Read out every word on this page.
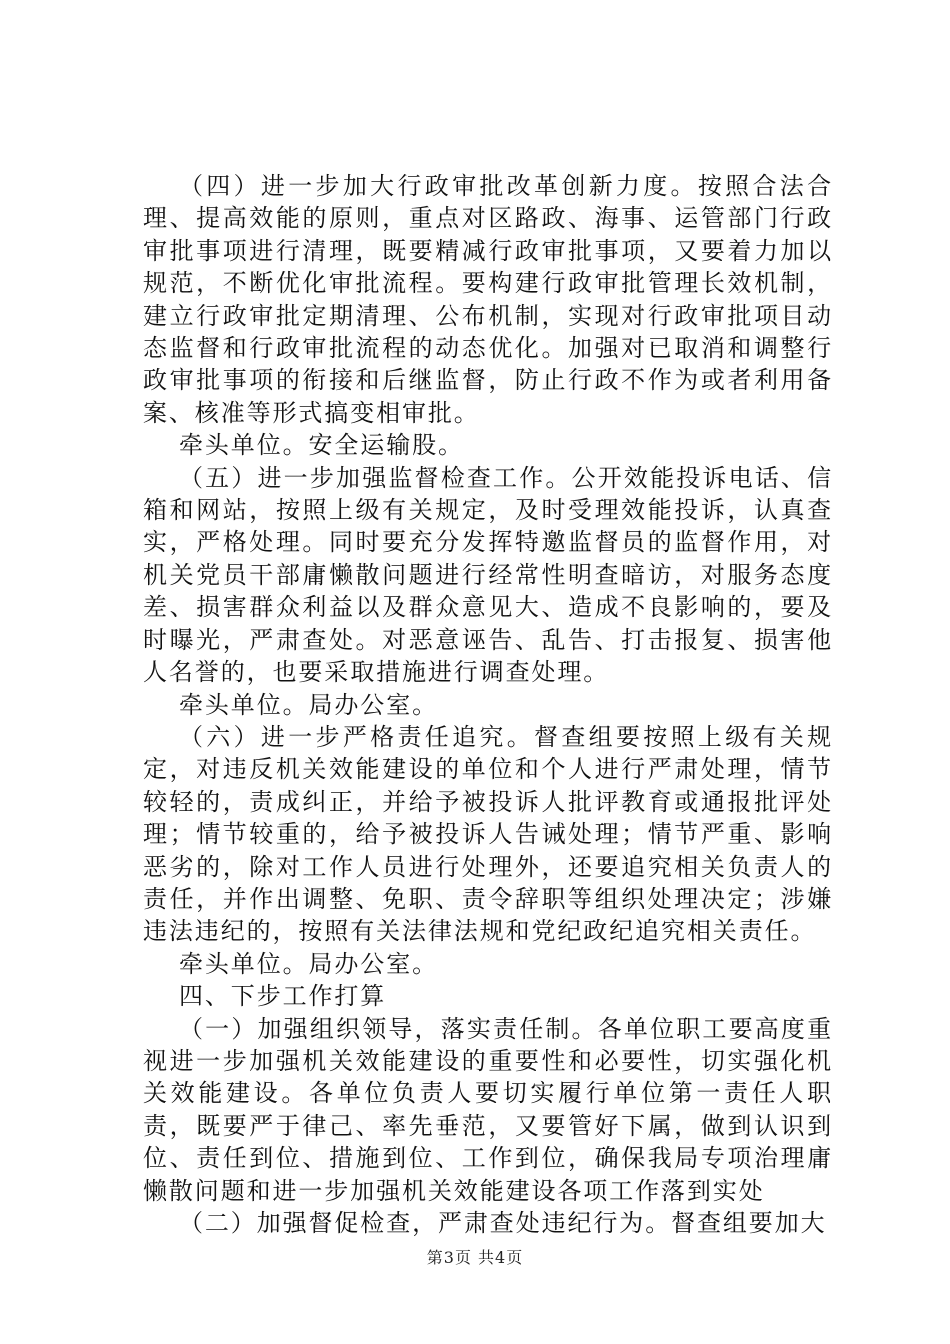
（四）进一步加大行政审批改革创新力度。按照合法合理、提高效能的原则，重点对区路政、海事、运管部门行政审批事项进行清理，既要精减行政审批事项，又要着力加以规范，不断优化审批流程。要构建行政审批管理长效机制，建立行政审批定期清理、公布机制，实现对行政审批项目动态监督和行政审批流程的动态优化。加强对已取消和调整行政审批事项的衔接和后继监督，防止行政不作为或者利用备案、核准等形式搞变相审批。

牵头单位。安全运输股。

（五）进一步加强监督检查工作。公开效能投诉电话、信箱和网站，按照上级有关规定，及时受理效能投诉，认真查实，严格处理。同时要充分发挥特邀监督员的监督作用，对机关党员干部庸懒散问题进行经常性明查暗访，对服务态度差、损害群众利益以及群众意见大、造成不良影响的，要及时曝光，严肃查处。对恶意诬告、乱告、打击报复、损害他人名誉的，也要采取措施进行调查处理。

牵头单位。局办公室。

（六）进一步严格责任追究。督查组要按照上级有关规定，对违反机关效能建设的单位和个人进行严肃处理，情节较轻的，责成纠正，并给予被投诉人批评教育或通报批评处理；情节较重的，给予被投诉人告诫处理；情节严重、影响恶劣的，除对工作人员进行处理外，还要追究相关负责人的责任，并作出调整、免职、责令辞职等组织处理决定；涉嫌违法违纪的，按照有关法律法规和党纪政纪追究相关责任。

牵头单位。局办公室。

四、下步工作打算

（一）加强组织领导，落实责任制。各单位职工要高度重视进一步加强机关效能建设的重要性和必要性，切实强化机关效能建设。各单位负责人要切实履行单位第一责任人职责，既要严于律己、率先垂范，又要管好下属，做到认识到位、责任到位、措施到位、工作到位，确保我局专项治理庸懒散问题和进一步加强机关效能建设各项工作落到实处

（二）加强督促检查，严肃查处违纪行为。督查组要加大

第3页 共4页
